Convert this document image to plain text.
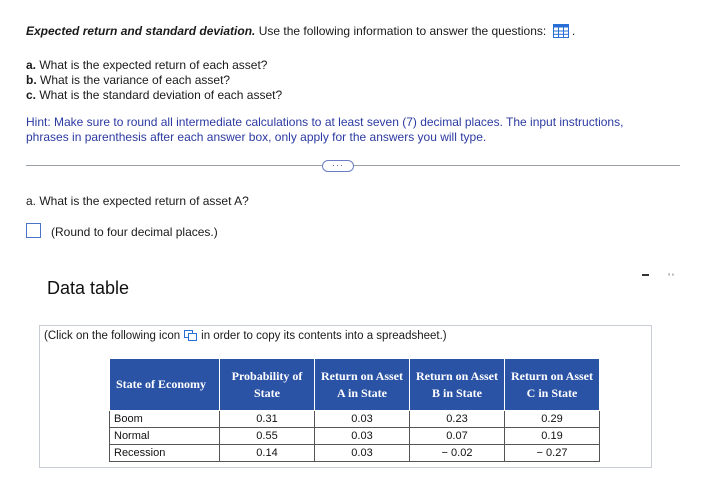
Expected return and standard deviation. Use the following information to answer the questions:  .
a. What is the expected return of each asset?
b. What is the variance of each asset?
c. What is the standard deviation of each asset?
Hint: Make sure to round all intermediate calculations to at least seven (7) decimal places. The input instructions, phrases in parenthesis after each answer box, only apply for the answers you will type.
···
a. What is the expected return of asset A?
(Round to four decimal places.)
Data table
’‘
(Click on the following icon in order to copy its contents into a spreadsheet.)
State of Economy	Probability of State	Return on Asset A in State	Return on Asset B in State	Return on Asset C in State
Boom	0.31	0.03	0.23	0.29
Normal	0.55	0.03	0.07	0.19
Recession	0.14	0.03	− 0.02	− 0.27
